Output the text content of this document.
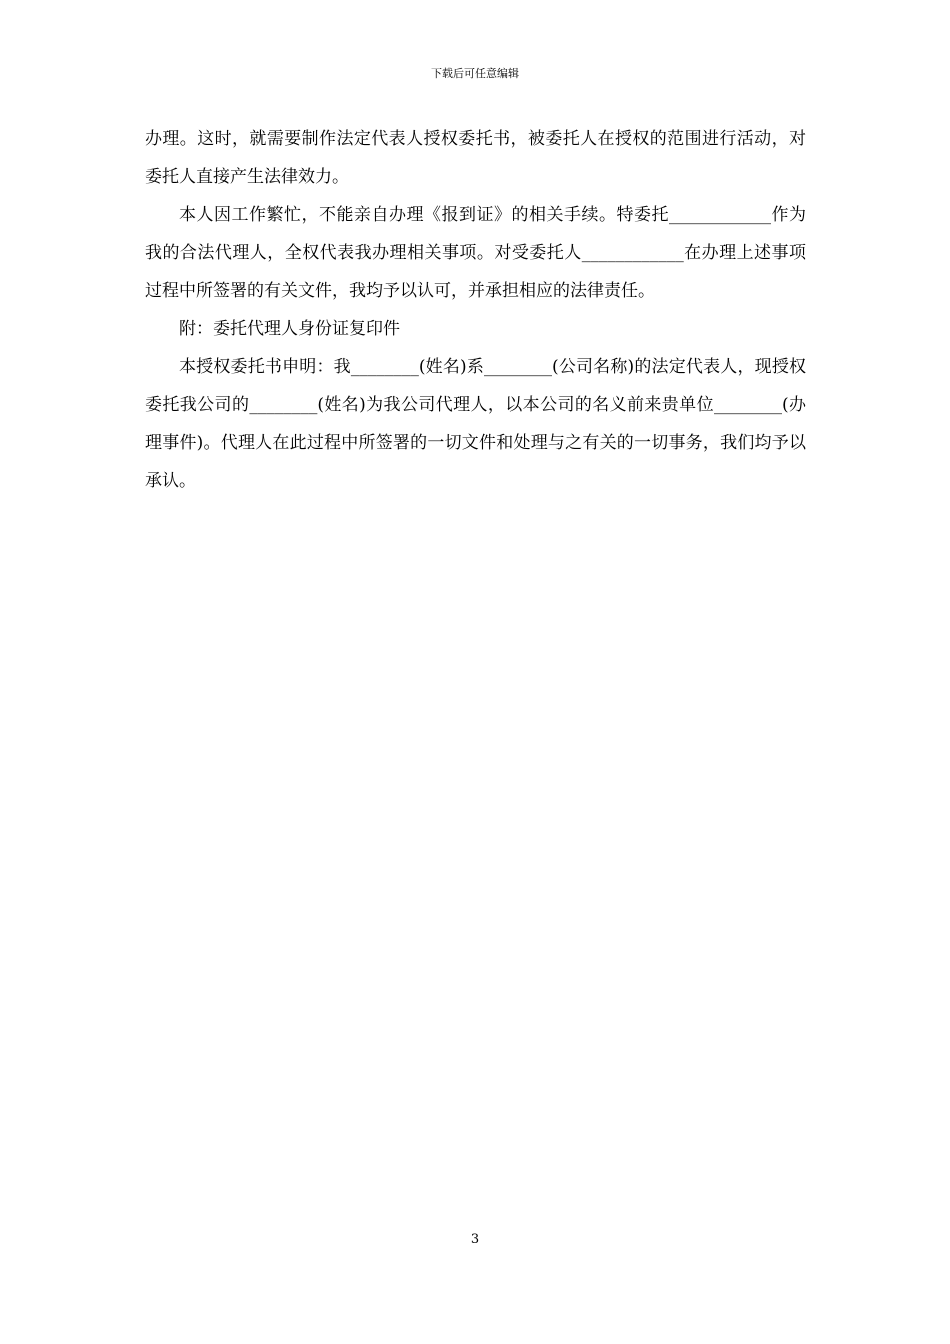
下载后可任意编辑

办理。这时，就需要制作法定代表人授权委托书，被委托人在授权的范围进行活动，对委托人直接产生法律效力。

本人因工作繁忙，不能亲自办理《报到证》的相关手续。特委托____________作为我的合法代理人，全权代表我办理相关事项。对受委托人____________在办理上述事项过程中所签署的有关文件，我均予以认可，并承担相应的法律责任。

附：委托代理人身份证复印件

本授权委托书申明：我________(姓名)系________(公司名称)的法定代表人，现授权委托我公司的________(姓名)为我公司代理人，以本公司的名义前来贵单位________(办理事件)。代理人在此过程中所签署的一切文件和处理与之有关的一切事务，我们均予以承认。

3
